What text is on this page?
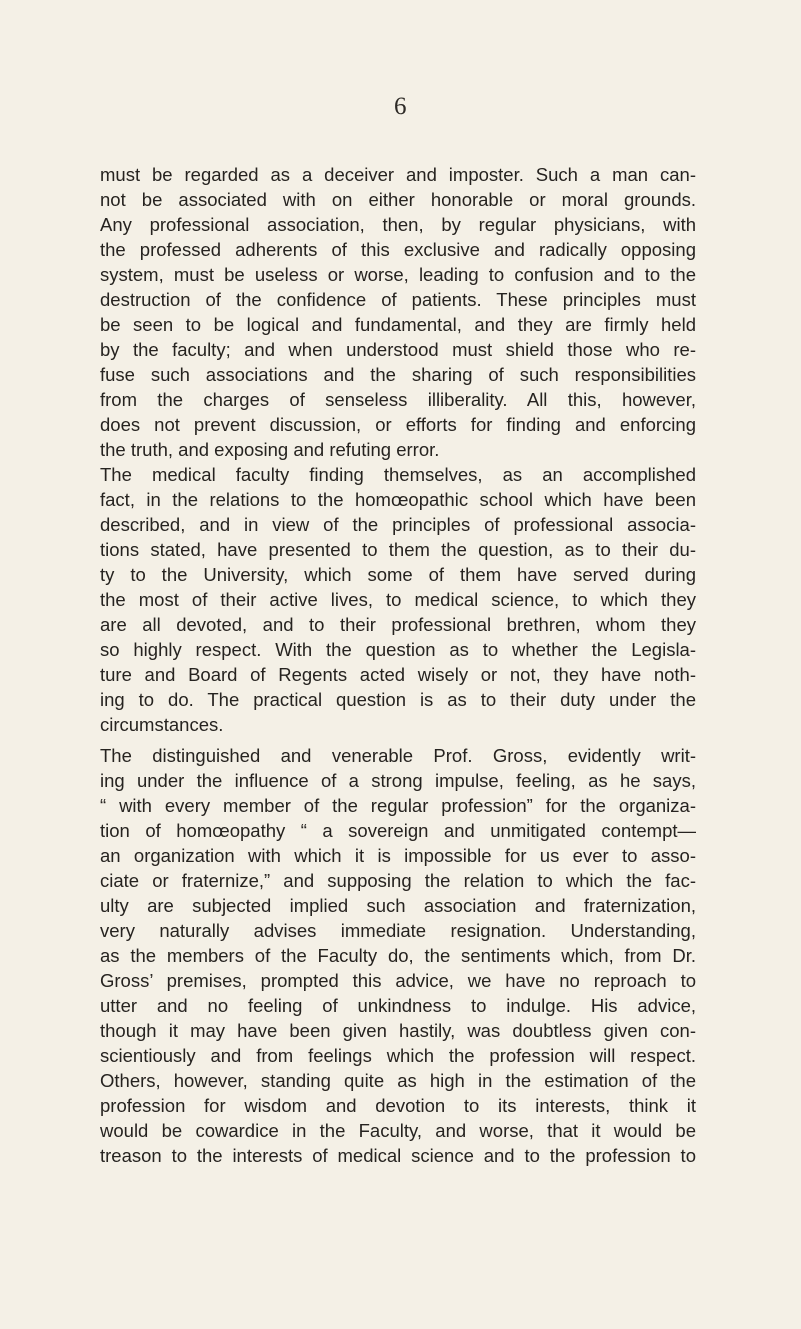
6
must be regarded as a deceiver and imposter. Such a man can-
not be associated with on either honorable or moral grounds.
Any professional association, then, by regular physicians, with
the professed adherents of this exclusive and radically opposing
system, must be useless or worse, leading to confusion and to the
destruction of the confidence of patients. These principles must
be seen to be logical and fundamental, and they are firmly held
by the faculty; and when understood must shield those who re-
fuse such associations and the sharing of such responsibilities
from the charges of senseless illiberality. All this, however,
does not prevent discussion, or efforts for finding and enforcing
the truth, and exposing and refuting error.
The medical faculty finding themselves, as an accomplished
fact, in the relations to the homœopathic school which have been
described, and in view of the principles of professional associa-
tions stated, have presented to them the question, as to their du-
ty to the University, which some of them have served during
the most of their active lives, to medical science, to which they
are all devoted, and to their professional brethren, whom they
so highly respect. With the question as to whether the Legisla-
ture and Board of Regents acted wisely or not, they have noth-
ing to do. The practical question is as to their duty under the
circumstances.
The distinguished and venerable Prof. Gross, evidently writ-
ing under the influence of a strong impulse, feeling, as he says,
“ with every member of the regular profession” for the organiza-
tion of homœopathy “ a sovereign and unmitigated contempt—
an organization with which it is impossible for us ever to asso-
ciate or fraternize,” and supposing the relation to which the fac-
ulty are subjected implied such association and fraternization,
very naturally advises immediate resignation. Understanding,
as the members of the Faculty do, the sentiments which, from Dr.
Gross’ premises, prompted this advice, we have no reproach to
utter and no feeling of unkindness to indulge. His advice,
though it may have been given hastily, was doubtless given con-
scientiously and from feelings which the profession will respect.
Others, however, standing quite as high in the estimation of the
profession for wisdom and devotion to its interests, think it
would be cowardice in the Faculty, and worse, that it would be
treason to the interests of medical science and to the profession to
